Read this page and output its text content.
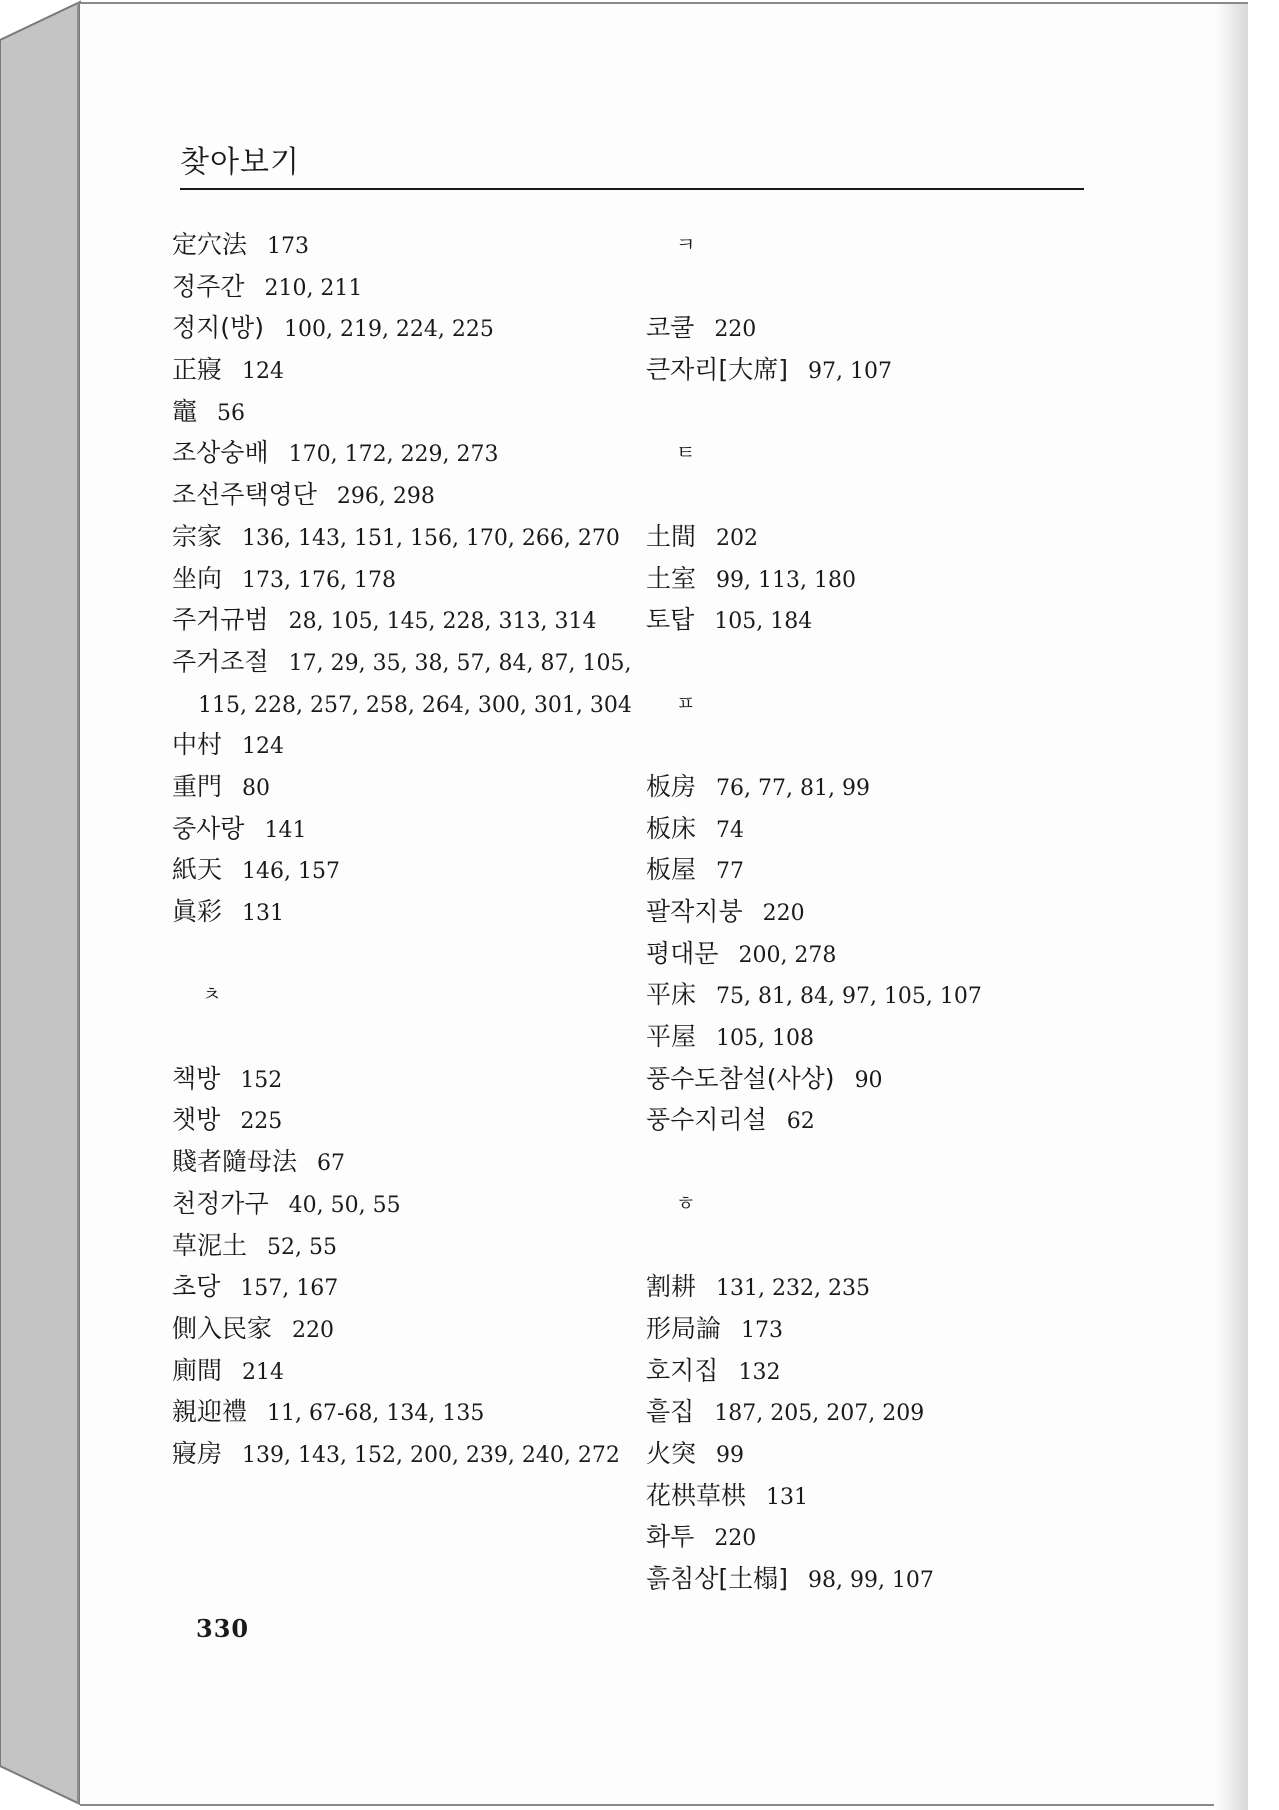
찾아보기
定穴法 173
정주간 210, 211
정지(방) 100, 219, 224, 225
正寢 124
竈 56
조상숭배 170, 172, 229, 273
조선주택영단 296, 298
宗家 136, 143, 151, 156, 170, 266, 270
坐向 173, 176, 178
주거규범 28, 105, 145, 228, 313, 314
주거조절 17, 29, 35, 38, 57, 84, 87, 105,
115, 228, 257, 258, 264, 300, 301, 304
中村 124
重門 80
중사랑 141
紙天 146, 157
眞彩 131
ㅊ
책방 152
챗방 225
賤者隨母法 67
천정가구 40, 50, 55
草泥土 52, 55
초당 157, 167
側入民家 220
廁間 214
親迎禮 11, 67-68, 134, 135
寢房 139, 143, 152, 200, 239, 240, 272
ㅋ
코쿨 220
큰자리[大席] 97, 107
ㅌ
土間 202
土室 99, 113, 180
토탑 105, 184
ㅍ
板房 76, 77, 81, 99
板床 74
板屋 77
팔작지붕 220
평대문 200, 278
平床 75, 81, 84, 97, 105, 107
平屋 105, 108
풍수도참설(사상) 90
풍수지리설 62
ㅎ
割耕 131, 232, 235
形局論 173
호지집 132
흩집 187, 205, 207, 209
火突 99
花栱草栱 131
화투 220
흙침상[土榻] 98, 99, 107
330
